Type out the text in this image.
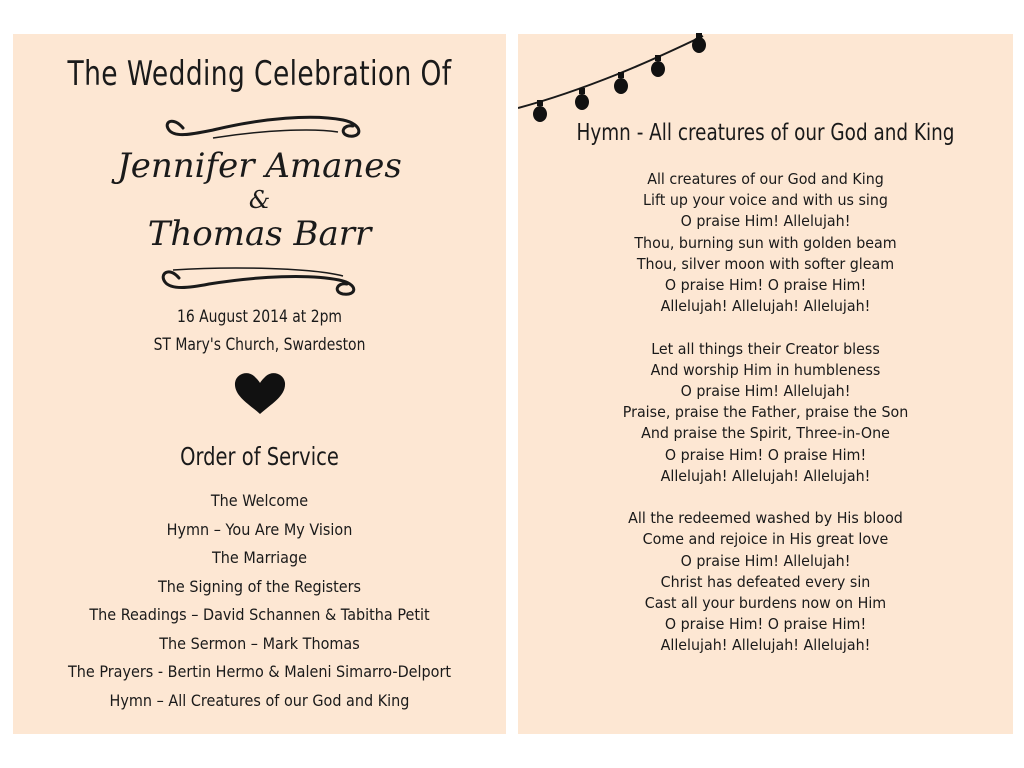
The Wedding Celebration Of
Jennifer Amanes
&
Thomas Barr
16 August 2014 at 2pm
ST Mary's Church, Swardeston
Order of Service
The Welcome
Hymn – You Are My Vision
The Marriage
The Signing of the Registers
The Readings – David Schannen & Tabitha Petit
The Sermon – Mark Thomas
The Prayers - Bertin Hermo & Maleni Simarro-Delport
Hymn – All Creatures of our God and King
Hymn - All creatures of our God and King
All creatures of our God and King
Lift up your voice and with us sing
O praise Him! Allelujah!
Thou, burning sun with golden beam
Thou, silver moon with softer gleam
O praise Him! O praise Him!
Allelujah! Allelujah! Allelujah!
Let all things their Creator bless
And worship Him in humbleness
O praise Him! Allelujah!
Praise, praise the Father, praise the Son
And praise the Spirit, Three-in-One
O praise Him! O praise Him!
Allelujah! Allelujah! Allelujah!
All the redeemed washed by His blood
Come and rejoice in His great love
O praise Him! Allelujah!
Christ has defeated every sin
Cast all your burdens now on Him
O praise Him! O praise Him!
Allelujah! Allelujah! Allelujah!
